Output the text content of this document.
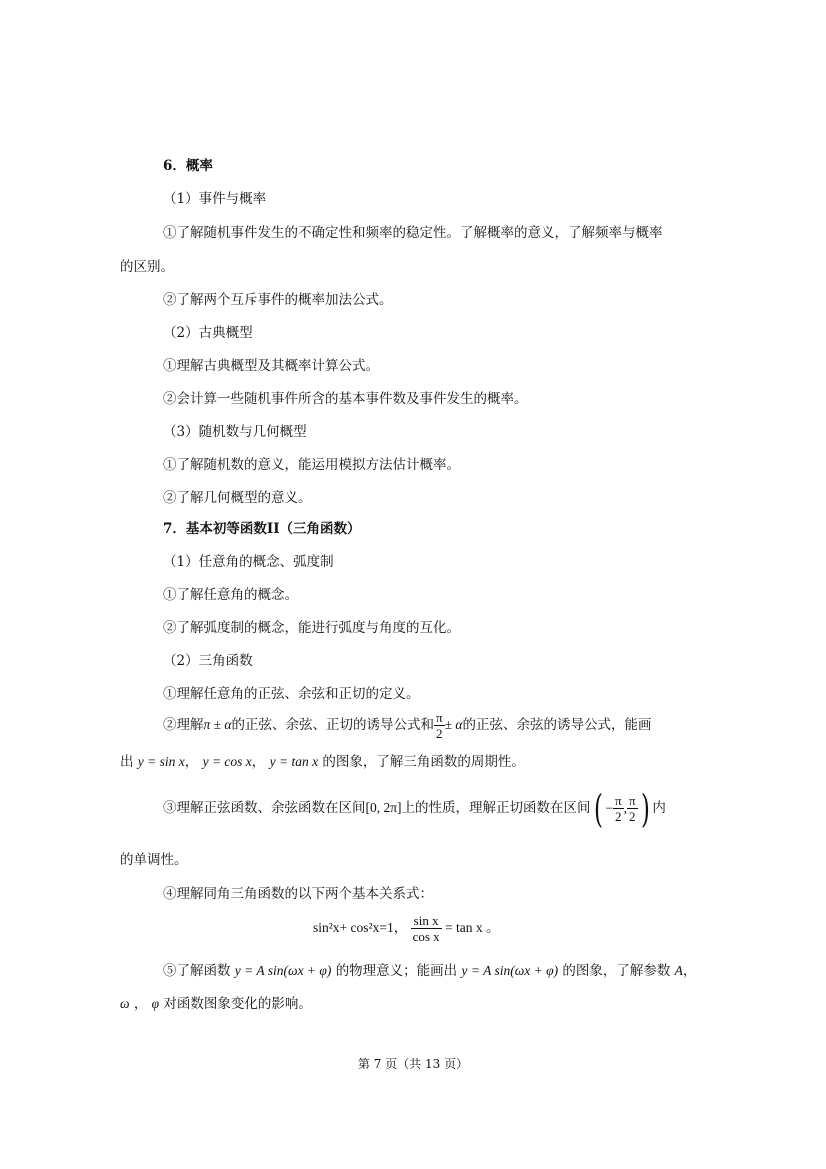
6．概率
（1）事件与概率
①了解随机事件发生的不确定性和频率的稳定性。了解概率的意义，了解频率与概率
的区别。
②了解两个互斥事件的概率加法公式。
（2）古典概型
①理解古典概型及其概率计算公式。
②会计算一些随机事件所含的基本事件数及事件发生的概率。
（3）随机数与几何概型
①了解随机数的意义，能运用模拟方法估计概率。
②了解几何概型的意义。
7．基本初等函数II（三角函数）
（1）任意角的概念、弧度制
①了解任意角的概念。
②了解弧度制的概念，能进行弧度与角度的互化。
（2）三角函数
①理解任意角的正弦、余弦和正切的定义。
②理解π ± α的正弦、余弦、正切的诱导公式和 $\frac{\pi}{2} \pm \alpha$的正弦、余弦的诱导公式，能画
出 y = sin x， y = cos x， y = tan x 的图象，了解三角函数的周期性。
③理解正弦函数、余弦函数在区间[0, 2π]上的性质，理解正切函数在区间( − $\frac{\pi}{2}$ , $\frac{\pi}{2}$ ) 内
的单调性。
④理解同角三角函数的以下两个基本关系式：
sin²x+ cos²x=1， $\frac{\text{sin x}}{\text{cos x}} = \tan x$ 。
⑤了解函数 y = A sin(ωx + φ) 的物理意义；能画出 y = A sin(ωx + φ) 的图象，了解参数 A，
ω ， φ 对函数图象变化的影响。
第 7 页（共 13 页）
